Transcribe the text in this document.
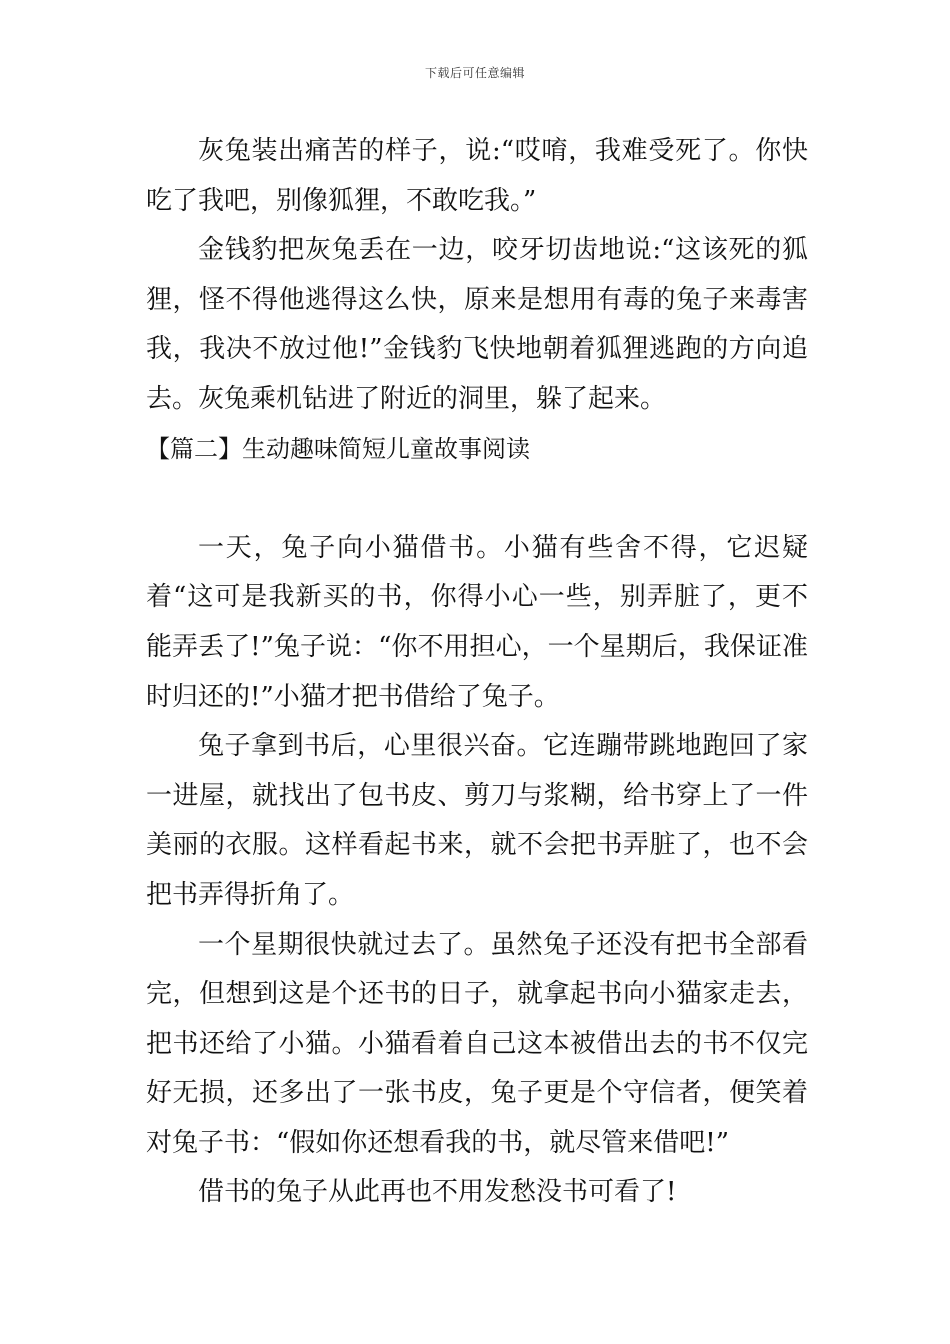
下载后可任意编辑

灰兔装出痛苦的样子，说:“哎唷，我难受死了。你快吃了我吧，别像狐狸，不敢吃我。”

金钱豹把灰兔丢在一边，咬牙切齿地说:“这该死的狐狸，怪不得他逃得这么快，原来是想用有毒的兔子来毒害我，我决不放过他!”金钱豹飞快地朝着狐狸逃跑的方向追去。灰兔乘机钻进了附近的洞里，躲了起来。

【篇二】生动趣味简短儿童故事阅读

一天，兔子向小猫借书。小猫有些舍不得，它迟疑着“这可是我新买的书，你得小心一些，别弄脏了，更不能弄丢了!”兔子说：“你不用担心，一个星期后，我保证准时归还的!”小猫才把书借给了兔子。

兔子拿到书后，心里很兴奋。它连蹦带跳地跑回了家一进屋，就找出了包书皮、剪刀与浆糊，给书穿上了一件美丽的衣服。这样看起书来，就不会把书弄脏了，也不会把书弄得折角了。

一个星期很快就过去了。虽然兔子还没有把书全部看完，但想到这是个还书的日子，就拿起书向小猫家走去，把书还给了小猫。小猫看着自己这本被借出去的书不仅完好无损，还多出了一张书皮，兔子更是个守信者，便笑着对兔子书：“假如你还想看我的书，就尽管来借吧!”

借书的兔子从此再也不用发愁没书可看了!
